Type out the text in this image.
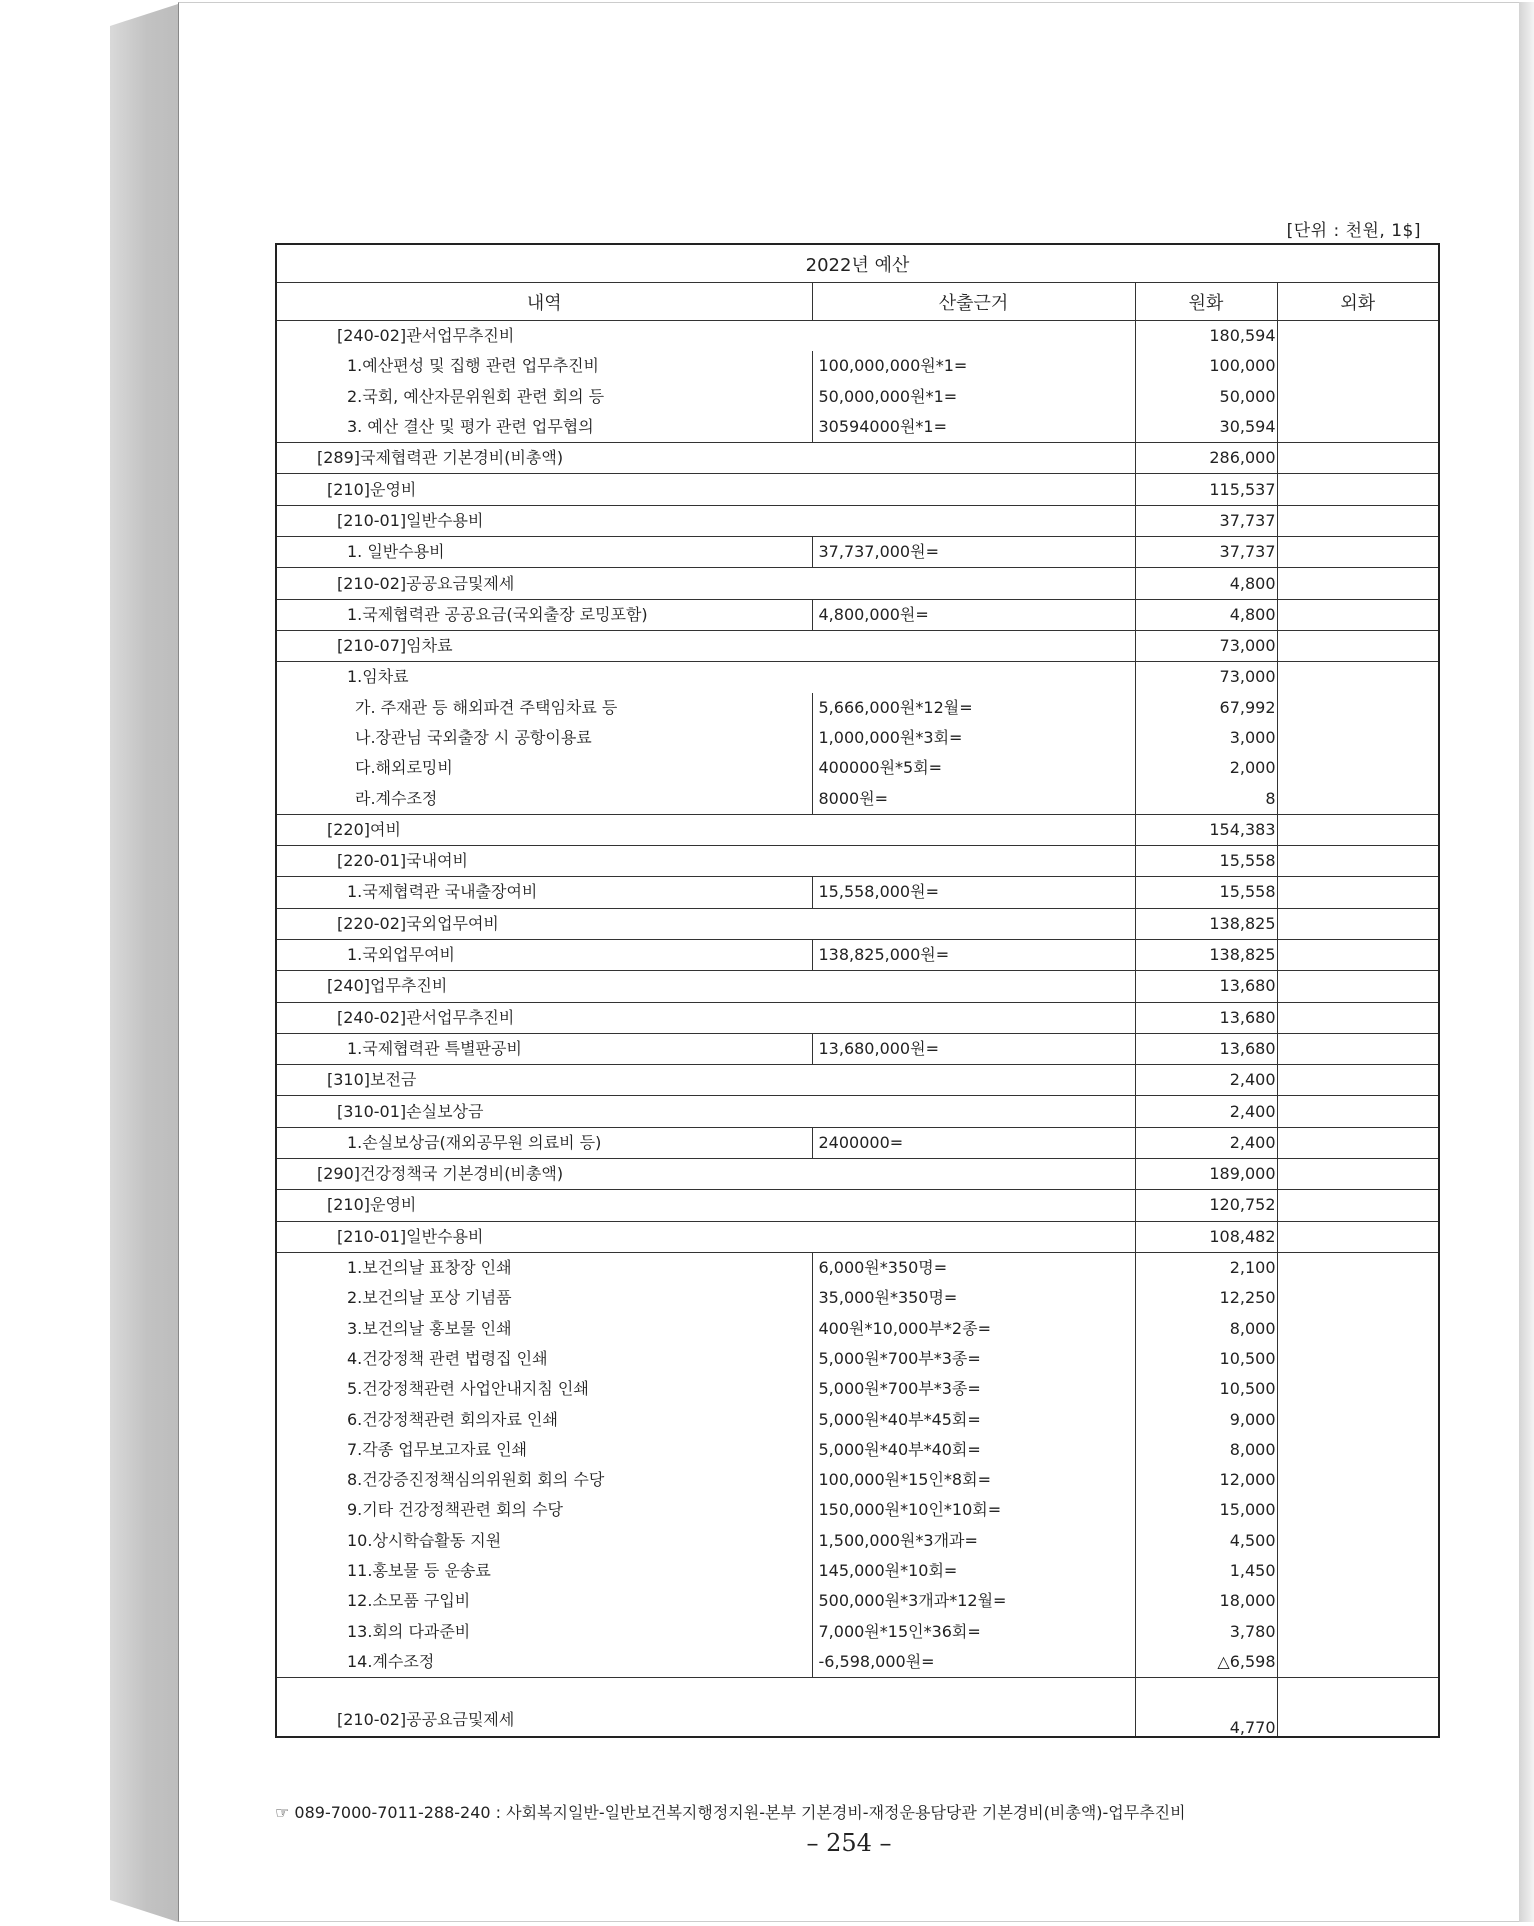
[단위 : 천원, 1$]
2022년 예산			
내역	산출근거	원화	외화
[240-02]관서업무추진비		180,594	
1.예산편성 및 집행 관련 업무추진비	100,000,000원*1=	100,000	
2.국회, 예산자문위원회 관련 회의 등	50,000,000원*1=	50,000	
3. 예산 결산 및 평가 관련 업무협의	30594000원*1=	30,594	
[289]국제협력관 기본경비(비총액)		286,000	
[210]운영비		115,537	
[210-01]일반수용비		37,737	
1. 일반수용비	37,737,000원=	37,737	
[210-02]공공요금및제세		4,800	
1.국제협력관 공공요금(국외출장 로밍포함)	4,800,000원=	4,800	
[210-07]임차료		73,000	
1.임차료		73,000	
가. 주재관 등 해외파견 주택임차료 등	5,666,000원*12월=	67,992	
나.장관님 국외출장 시 공항이용료	1,000,000원*3회=	3,000	
다.해외로밍비	400000원*5회=	2,000	
라.계수조정	8000원=	8	
[220]여비		154,383	
[220-01]국내여비		15,558	
1.국제협력관 국내출장여비	15,558,000원=	15,558	
[220-02]국외업무여비		138,825	
1.국외업무여비	138,825,000원=	138,825	
[240]업무추진비		13,680	
[240-02]관서업무추진비		13,680	
1.국제협력관 특별판공비	13,680,000원=	13,680	
[310]보전금		2,400	
[310-01]손실보상금		2,400	
1.손실보상금(재외공무원 의료비 등)	2400000=	2,400	
[290]건강정책국 기본경비(비총액)		189,000	
[210]운영비		120,752	
[210-01]일반수용비		108,482	
1.보건의날 표창장 인쇄	6,000원*350명=	2,100	
2.보건의날 포상 기념품	35,000원*350명=	12,250	
3.보건의날 홍보물 인쇄	400원*10,000부*2종=	8,000	
4.건강정책 관련 법령집 인쇄	5,000원*700부*3종=	10,500	
5.건강정책관련 사업안내지침 인쇄	5,000원*700부*3종=	10,500	
6.건강정책관련 회의자료 인쇄	5,000원*40부*45회=	9,000	
7.각종 업무보고자료 인쇄	5,000원*40부*40회=	8,000	
8.건강증진정책심의위원회 회의 수당	100,000원*15인*8회=	12,000	
9.기타 건강정책관련 회의 수당	150,000원*10인*10회=	15,000	
10.상시학습활동 지원	1,500,000원*3개과=	4,500	
11.홍보물 등 운송료	145,000원*10회=	1,450	
12.소모품 구입비	500,000원*3개과*12월=	18,000	
13.회의 다과준비	7,000원*15인*36회=	3,780	
14.계수조정	-6,598,000원=	△6,598	
[210-02]공공요금및제세		4,770	
☞ 089-7000-7011-288-240 : 사회복지일반-일반보건복지행정지원-본부 기본경비-재정운용담당관 기본경비(비총액)-업무추진비
– 254 –
